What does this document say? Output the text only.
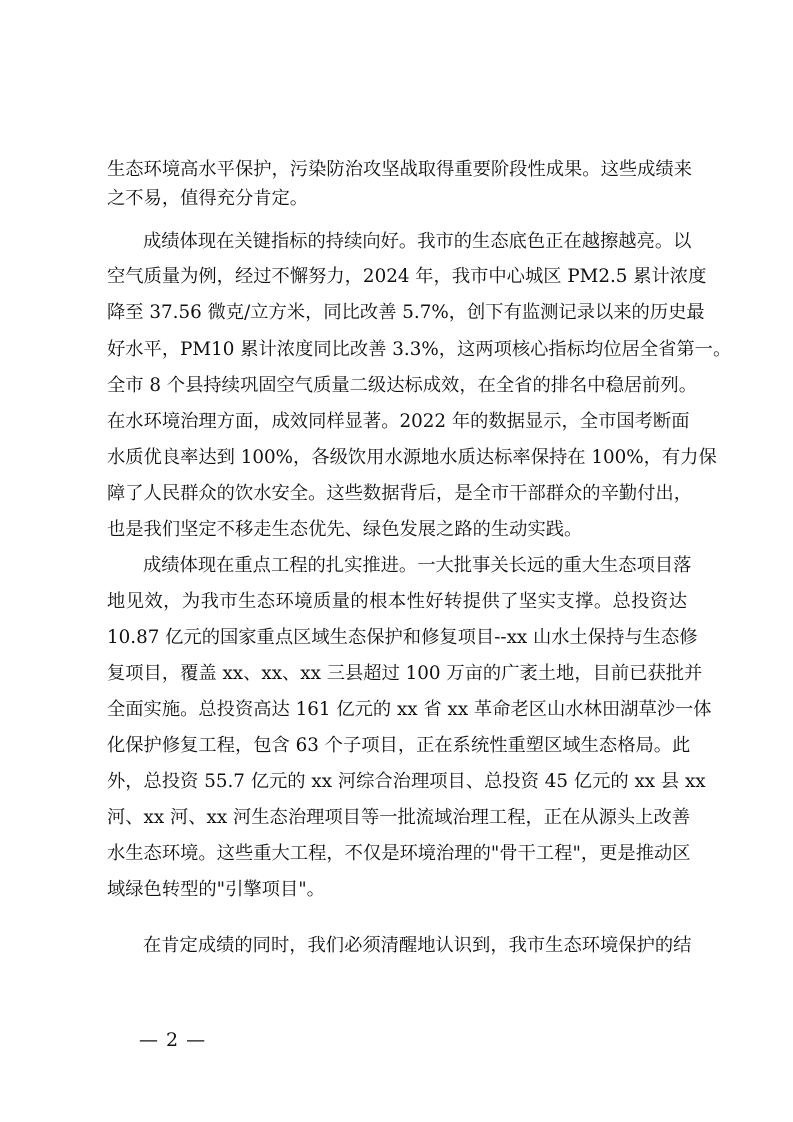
生态环境高水平保护，污染防治攻坚战取得重要阶段性成果。这些成绩来
之不易，值得充分肯定。
成绩体现在关键指标的持续向好。我市的生态底色正在越擦越亮。以
空气质量为例，经过不懈努力，2024 年，我市中心城区 PM2.5 累计浓度
降至 37.56 微克/立方米，同比改善 5.7%，创下有监测记录以来的历史最
好水平，PM10 累计浓度同比改善 3.3%，这两项核心指标均位居全省第一。
全市 8 个县持续巩固空气质量二级达标成效，在全省的排名中稳居前列。
在水环境治理方面，成效同样显著。2022 年的数据显示，全市国考断面
水质优良率达到 100%，各级饮用水源地水质达标率保持在 100%，有力保
障了人民群众的饮水安全。这些数据背后，是全市干部群众的辛勤付出，
也是我们坚定不移走生态优先、绿色发展之路的生动实践。
成绩体现在重点工程的扎实推进。一大批事关长远的重大生态项目落
地见效，为我市生态环境质量的根本性好转提供了坚实支撑。总投资达
10.87 亿元的国家重点区域生态保护和修复项目--xx 山水土保持与生态修
复项目，覆盖 xx、xx、xx 三县超过 100 万亩的广袤土地，目前已获批并
全面实施。总投资高达 161 亿元的 xx 省 xx 革命老区山水林田湖草沙一体
化保护修复工程，包含 63 个子项目，正在系统性重塑区域生态格局。此
外，总投资 55.7 亿元的 xx 河综合治理项目、总投资 45 亿元的 xx 县 xx
河、xx 河、xx 河生态治理项目等一批流域治理工程，正在从源头上改善
水生态环境。这些重大工程，不仅是环境治理的"骨干工程"，更是推动区
域绿色转型的"引擎项目"。
在肯定成绩的同时，我们必须清醒地认识到，我市生态环境保护的结
— 2 —
